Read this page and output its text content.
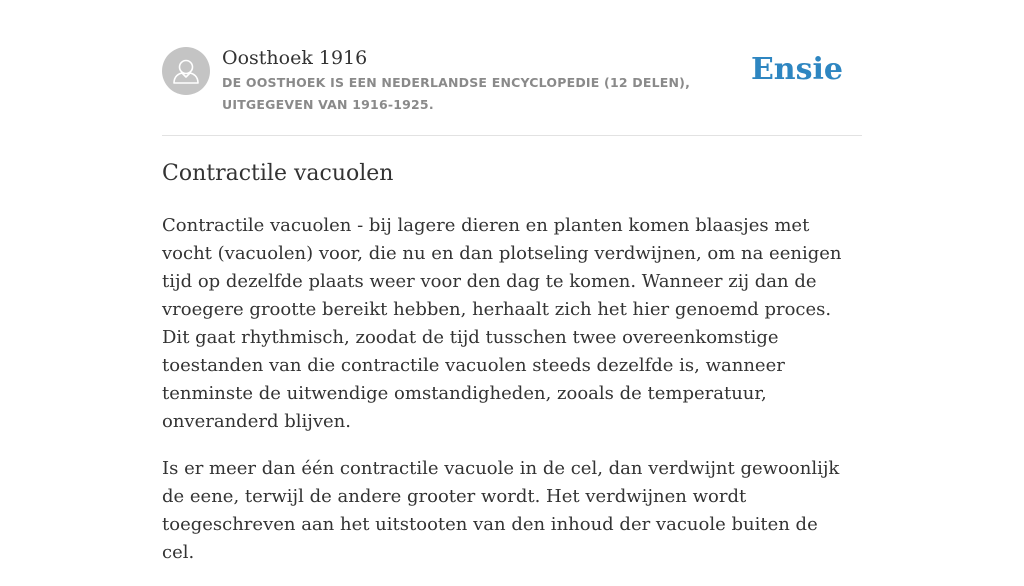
Oosthoek 1916
DE OOSTHOEK IS EEN NEDERLANDSE ENCYCLOPEDIE (12 DELEN), UITGEGEVEN VAN 1916-1925.
Ensie
Contractile vacuolen

Contractile vacuolen - bij lagere dieren en planten komen blaasjes met vocht (vacuolen) voor, die nu en dan plotseling verdwijnen, om na eenigen tijd op dezelfde plaats weer voor den dag te komen. Wanneer zij dan de vroegere grootte bereikt hebben, herhaalt zich het hier genoemd proces. Dit gaat rhythmisch, zoodat de tijd tusschen twee overeenkomstige toestanden van die contractile vacuolen steeds dezelfde is, wanneer tenminste de uitwendige omstandigheden, zooals de temperatuur, onveranderd blijven.

Is er meer dan één contractile vacuole in de cel, dan verdwijnt gewoonlijk de eene, terwijl de andere grooter wordt. Het verdwijnen wordt toegeschreven aan het uitstooten van den inhoud der vacuole buiten de cel.
